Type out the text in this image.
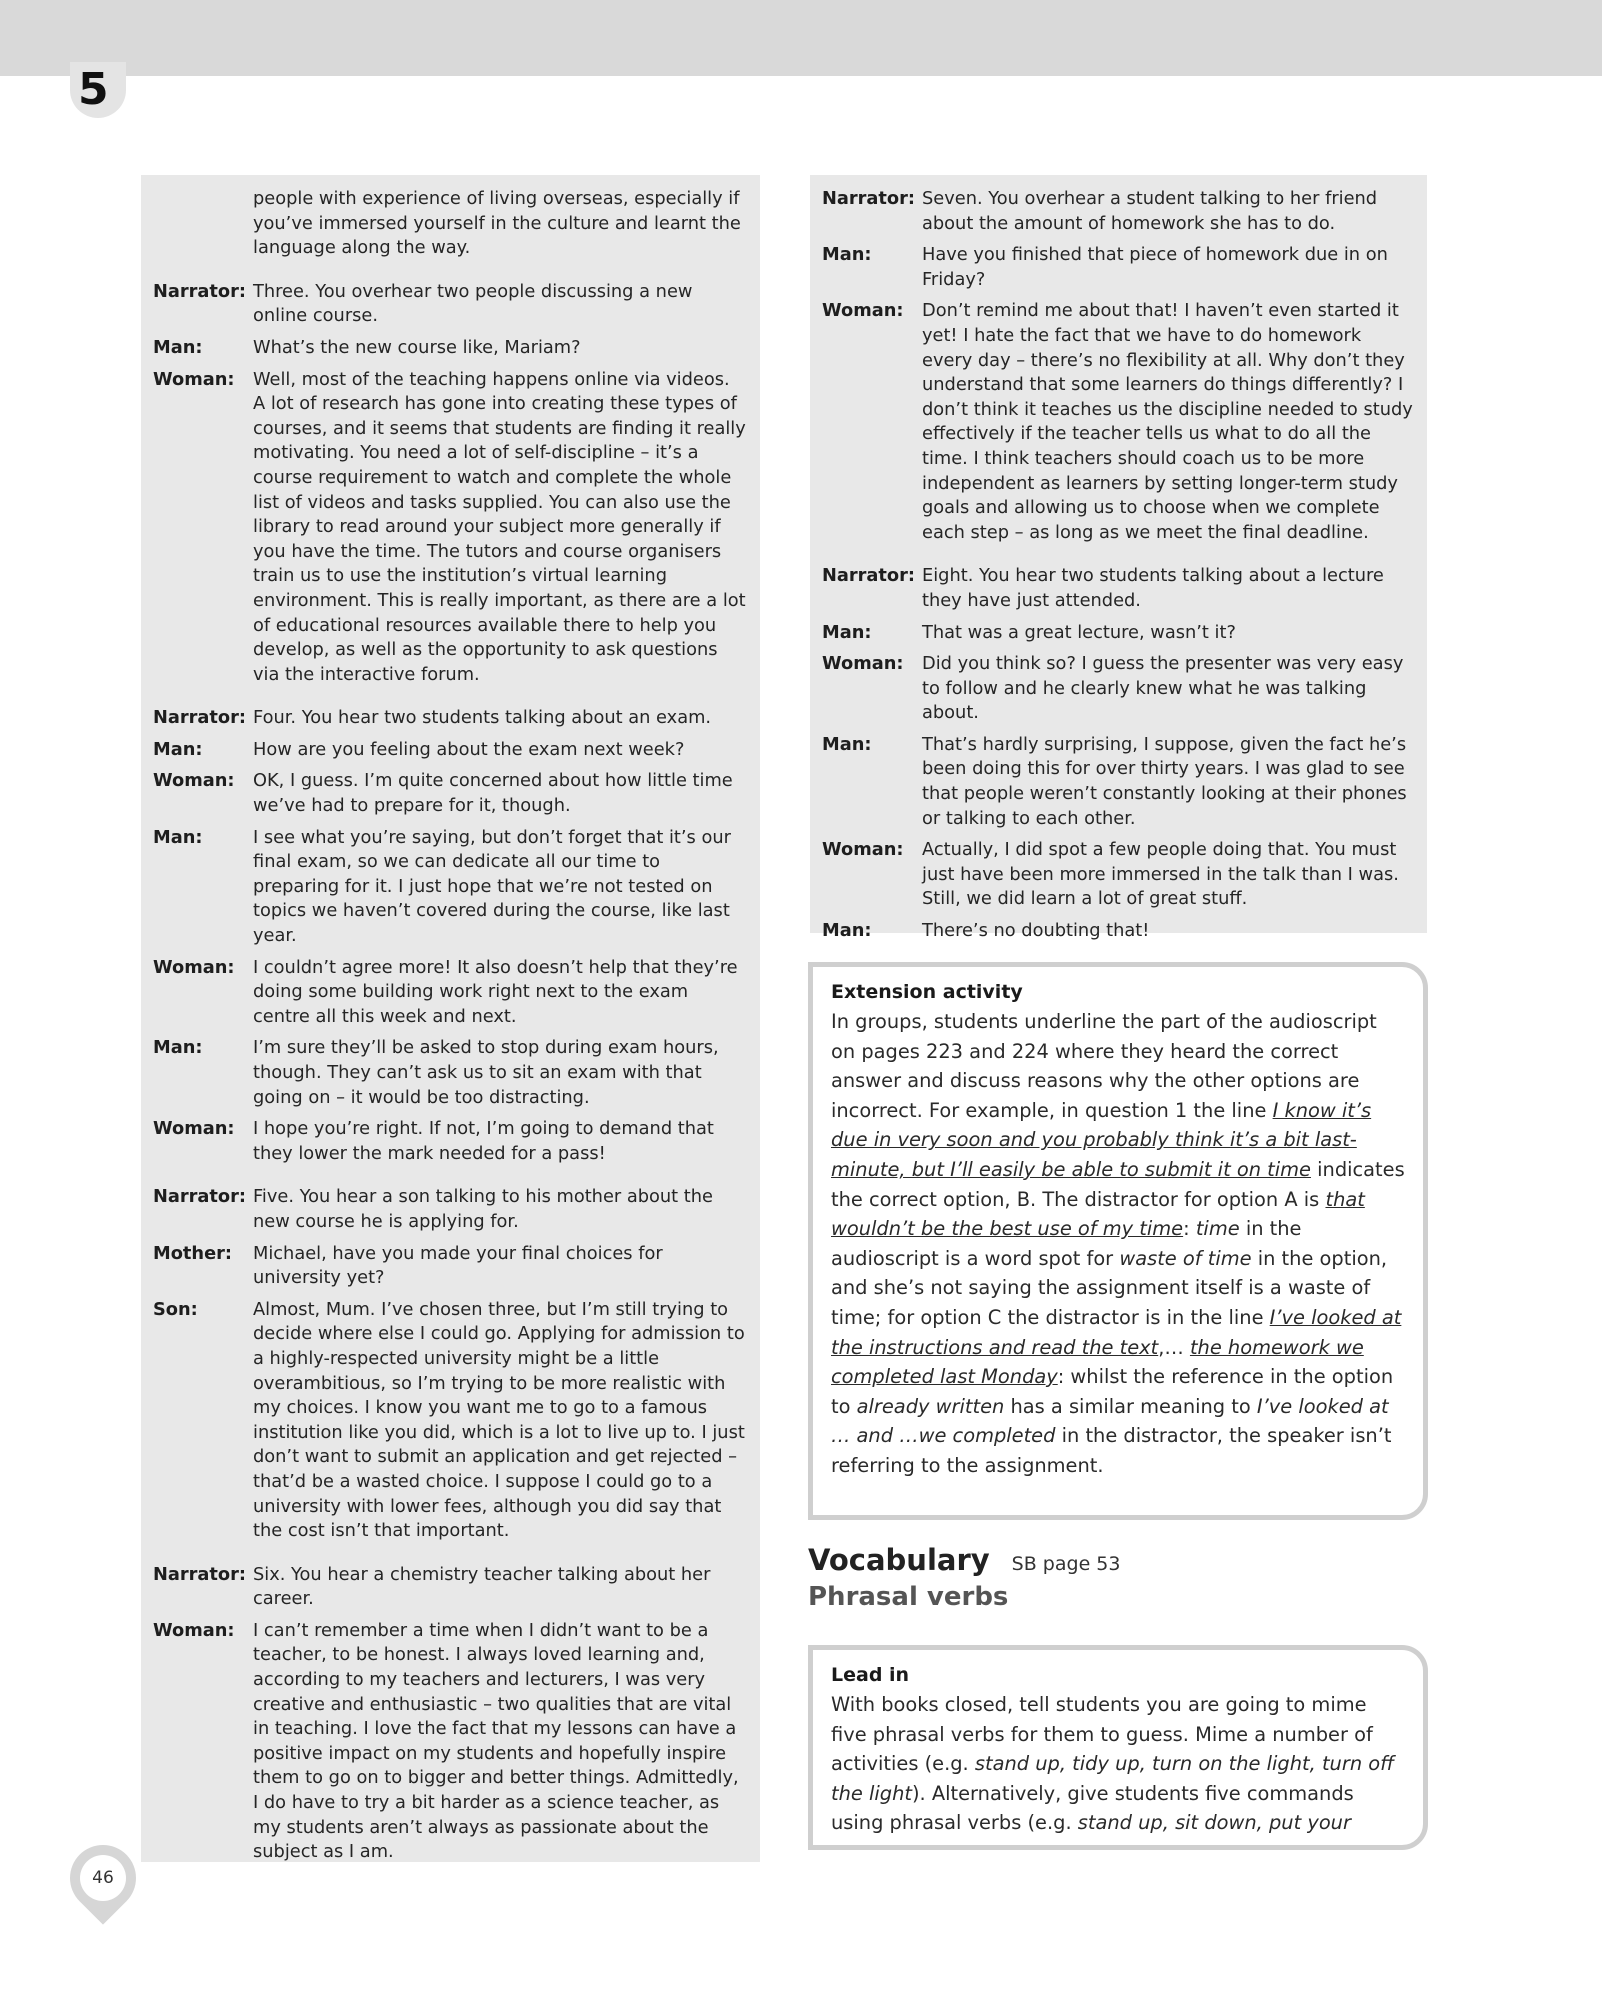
5
people with experience of living overseas, especially if you’ve immersed yourself in the culture and learnt the language along the way.
Narrator: Three. You overhear two people discussing a new online course.
Man:	What’s the new course like, Mariam?
Woman:	Well, most of the teaching happens online via videos. A lot of research has gone into creating these types of courses, and it seems that students are finding it really motivating. You need a lot of self-discipline – it’s a course requirement to watch and complete the whole list of videos and tasks supplied. You can also use the library to read around your subject more generally if you have the time. The tutors and course organisers train us to use the institution’s virtual learning environment. This is really important, as there are a lot of educational resources available there to help you develop, as well as the opportunity to ask questions via the interactive forum.
Narrator: Four. You hear two students talking about an exam.
Man:	How are you feeling about the exam next week?
Woman:	OK, I guess. I’m quite concerned about how little time we’ve had to prepare for it, though.
Man:	I see what you’re saying, but don’t forget that it’s our final exam, so we can dedicate all our time to preparing for it. I just hope that we’re not tested on topics we haven’t covered during the course, like last year.
Woman:	I couldn’t agree more! It also doesn’t help that they’re doing some building work right next to the exam centre all this week and next.
Man:	I’m sure they’ll be asked to stop during exam hours, though. They can’t ask us to sit an exam with that going on – it would be too distracting.
Woman:	I hope you’re right. If not, I’m going to demand that they lower the mark needed for a pass!
Narrator: Five. You hear a son talking to his mother about the new course he is applying for.
Mother:	Michael, have you made your final choices for university yet?
Son:	Almost, Mum. I’ve chosen three, but I’m still trying to decide where else I could go. Applying for admission to a highly-respected university might be a little overambitious, so I’m trying to be more realistic with my choices. I know you want me to go to a famous institution like you did, which is a lot to live up to. I just don’t want to submit an application and get rejected – that’d be a wasted choice. I suppose I could go to a university with lower fees, although you did say that the cost isn’t that important.
Narrator: Six. You hear a chemistry teacher talking about her career.
Woman:	I can’t remember a time when I didn’t want to be a teacher, to be honest. I always loved learning and, according to my teachers and lecturers, I was very creative and enthusiastic – two qualities that are vital in teaching. I love the fact that my lessons can have a positive impact on my students and hopefully inspire them to go on to bigger and better things. Admittedly, I do have to try a bit harder as a science teacher, as my students aren’t always as passionate about the subject as I am.
Narrator: Seven. You overhear a student talking to her friend about the amount of homework she has to do.
Man:	Have you finished that piece of homework due in on Friday?
Woman:	Don’t remind me about that! I haven’t even started it yet! I hate the fact that we have to do homework every day – there’s no flexibility at all. Why don’t they understand that some learners do things differently? I don’t think it teaches us the discipline needed to study effectively if the teacher tells us what to do all the time. I think teachers should coach us to be more independent as learners by setting longer-term study goals and allowing us to choose when we complete each step – as long as we meet the final deadline.
Narrator: Eight. You hear two students talking about a lecture they have just attended.
Man:	That was a great lecture, wasn’t it?
Woman:	Did you think so? I guess the presenter was very easy to follow and he clearly knew what he was talking about.
Man:	That’s hardly surprising, I suppose, given the fact he’s been doing this for over thirty years. I was glad to see that people weren’t constantly looking at their phones or talking to each other.
Woman:	Actually, I did spot a few people doing that. You must just have been more immersed in the talk than I was. Still, we did learn a lot of great stuff.
Man:	There’s no doubting that!
Extension activity
In groups, students underline the part of the audioscript on pages 223 and 224 where they heard the correct answer and discuss reasons why the other options are incorrect. For example, in question 1 the line I know it’s due in very soon and you probably think it’s a bit last-minute, but I’ll easily be able to submit it on time indicates the correct option, B. The distractor for option A is that wouldn’t be the best use of my time: time in the audioscript is a word spot for waste of time in the option, and she’s not saying the assignment itself is a waste of time; for option C the distractor is in the line I’ve looked at the instructions and read the text,… the homework we completed last Monday: whilst the reference in the option to already written has a similar meaning to I’ve looked at … and …we completed in the distractor, the speaker isn’t referring to the assignment.
Vocabulary SB page 53
Phrasal verbs
Lead in
With books closed, tell students you are going to mime five phrasal verbs for them to guess. Mime a number of activities (e.g. stand up, tidy up, turn on the light, turn off the light). Alternatively, give students five commands using phrasal verbs (e.g. stand up, sit down, put your
46
